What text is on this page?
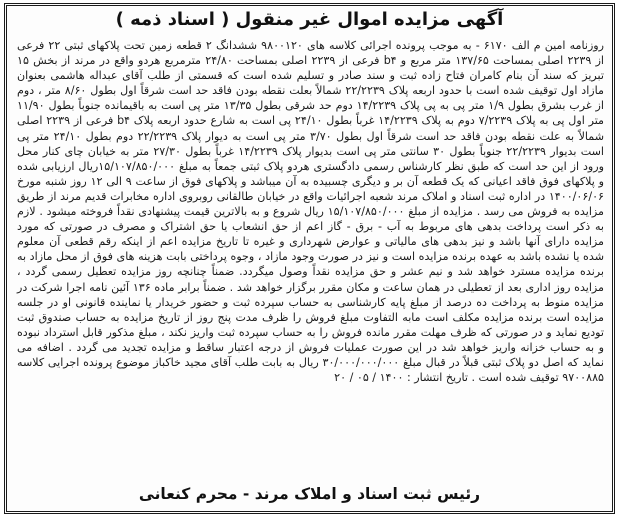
آگهی مزایده اموال غیر منقول ( اسناد ذمه )
روزنامه امین م الف ۶۱۷۰ - به موجب پرونده اجرائی کلاسه های ۹۸۰۰۱۲۰ ششدانگ ۲ قطعه زمین تحت پلاکهای ثبتی ۲۲ فرعی از ۲۲۳۹ اصلی بمساحت ۱۳۷/۶۵ متر مربع و b۴ فرعی از ۲۲۳۹ اصلی بمساحت ۲۴/۸۰ مترمربع هردو واقع در مرند از بخش ۱۵ تبریز که سند آن بنام کامران فتاح زاده ثبت و سند صادر و تسلیم شده است که قسمتی از طلب آقای عبداله هاشمی بعنوان مازاد اول توقیف شده است با حدود اربعه پلاک ۲۲/۲۲۳۹ شمالاً بعلت نقطه بودن فاقد حد است شرقاً اول بطول ۸/۶۰ متر ، دوم از غرب بشرق بطول ۱/۹ متر پی به پی پلاک ۱۴/۲۲۳۹ دوم حد شرقی بطول ۱۳/۳۵ متر پی است به باقیمانده جنوباً بطول ۱۱/۹۰ متر اول پی به پلاک ۷/۲۲۳۹ دوم به پلاک ۱۴/۲۲۳۹ غرباً بطول ۲۴/۱۰ پی است به شارع حدود اربعه پلاک b۴ فرعی از ۲۲۳۹ اصلی شمالاً به علت نقطه بودن فاقد حد است شرقاً اول بطول ۳/۷۰ متر پی است به دیوار پلاک ۲۲/۲۲۳۹ دوم بطول ۲۴/۱۰ متر پی است بدیوار ۲۲/۲۲۳۹ جنوباً بطول ۳۰ سانتی متر پی است بدیوار پلاک ۱۴/۲۲۳۹ غرباً بطول ۲۷/۳۰ متر به خیابان چای کنار محل ورود از این حد است که طبق نظر کارشناس رسمی دادگستری هردو پلاک ثبتی جمعاً به مبلغ ۱۵/۱۰۷/۸۵۰/۰۰۰ریال ارزیابی شده و پلاکهای فوق فاقد اعیانی که یک قطعه آن بر و دیگری چسبیده به آن میباشد و پلاکهای فوق از ساعت ۹ الی ۱۲ روز شنبه مورخ ۱۴۰۰/۰۶/۰۶ در اداره ثبت اسناد و املاک مرند شعبه اجرائیات واقع در خیابان طالقانی روبروی اداره مخابرات قدیم مرند از طریق مزایده به فروش می رسد . مزایده از مبلغ ۱۵/۱۰۷/۸۵۰/۰۰۰ ریال شروع و به بالاترین قیمت پیشنهادی نقداً فروخته میشود . لازم به ذکر است پرداخت بدهی های مربوط به آب - برق - گاز اعم از حق انشعاب یا حق اشتراک و مصرف در صورتی که مورد مزایده دارای آنها باشد و نیز بدهی های مالیاتی و عوارض شهرداری و غیره تا تاریخ مزایده اعم از اینکه رقم قطعی آن معلوم شده یا نشده باشد به عهده برنده مزایده است و نیز در صورت وجود مازاد ، وجوه پرداختی بابت هزینه های فوق از محل مازاد به برنده مزایده مسترد خواهد شد و نیم عشر و حق مزایده نقداً وصول میگردد. ضمناً چنانچه روز مزایده تعطیل رسمی گردد ، مزایده روز اداری بعد از تعطیلی در همان ساعت و مکان مقرر برگزار خواهد شد . ضمناً برابر ماده ۱۳۶ آئین نامه اجرا شرکت در مزایده منوط به پرداخت ده درصد از مبلغ پایه کارشناسی به حساب سپرده ثبت و حضور خریدار یا نماینده قانونی او در جلسه مزایده است برنده مزایده مکلف است مابه التفاوت مبلغ فروش را ظرف مدت پنج روز از تاریخ مزایده به حساب صندوق ثبت تودیع نماید و در صورتی که ظرف مهلت مقرر مانده فروش را به حساب سپرده ثبت واریز نکند ، مبلغ مذکور قابل استرداد نبوده و به حساب خزانه واریز خواهد شد در این صورت عملیات فروش از درجه اعتبار ساقط و مزایده تجدید می گردد . اضافه می نماید که اصل دو پلاک ثبتی قبلاً در قبال مبلغ ۳۰/۰۰۰/۰۰۰/۰۰۰ ریال به بابت طلب آقای مجید خاکباز موضوع پرونده اجرایی کلاسه ۹۷۰۰۸۸۵ توقیف شده است . تاریخ انتشار : ۱۴۰۰ / ۰۵ / ۲۰
رئیس ثبت اسناد و املاک مرند - محرم کنعانی
